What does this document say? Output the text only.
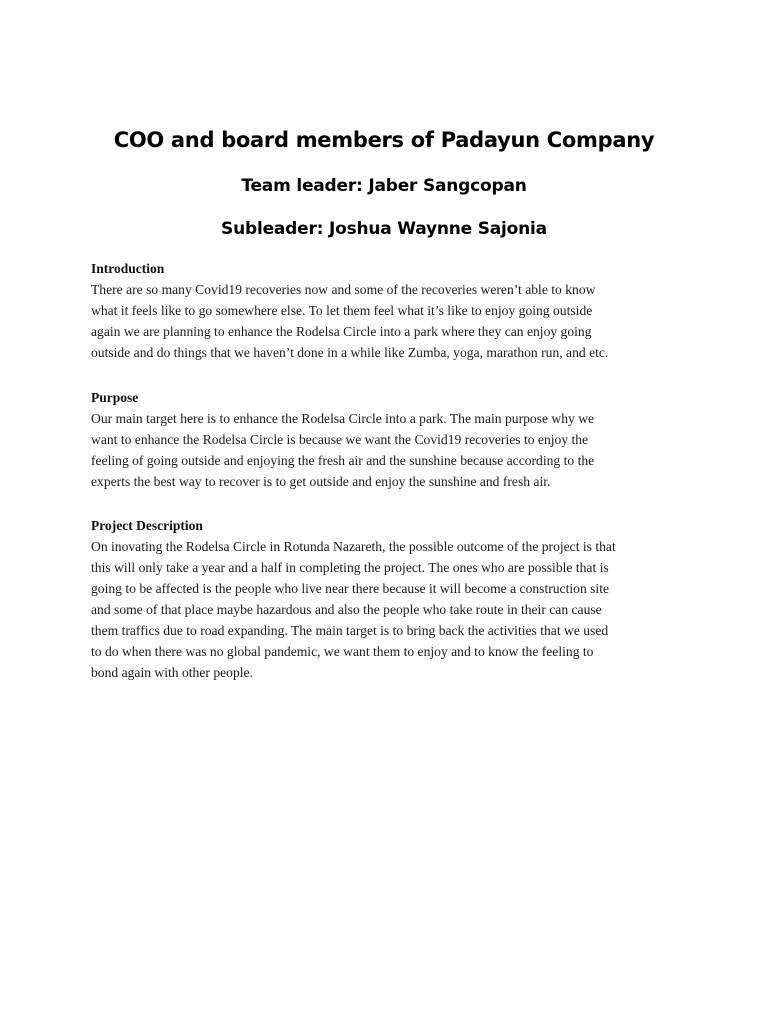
COO and board members of Padayun Company
Team leader: Jaber Sangcopan
Subleader: Joshua Waynne Sajonia
Introduction

There are so many Covid19 recoveries now and some of the recoveries weren’t able to know
what it feels like to go somewhere else. To let them feel what it’s like to enjoy going outside
again we are planning to enhance the Rodelsa Circle into a park where they can enjoy going
outside and do things that we haven’t done in a while like Zumba, yoga, marathon run, and etc.

Purpose

Our main target here is to enhance the Rodelsa Circle into a park. The main purpose why we
want to enhance the Rodelsa Circle is because we want the Covid19 recoveries to enjoy the
feeling of going outside and enjoying the fresh air and the sunshine because according to the
experts the best way to recover is to get outside and enjoy the sunshine and fresh air.

Project Description

On inovating the Rodelsa Circle in Rotunda Nazareth, the possible outcome of the project is that
this will only take a year and a half in completing the project. The ones who are possible that is
going to be affected is the people who live near there because it will become a construction site
and some of that place maybe hazardous and also the people who take route in their can cause
them traffics due to road expanding. The main target is to bring back the activities that we used
to do when there was no global pandemic, we want them to enjoy and to know the feeling to
bond again with other people.
